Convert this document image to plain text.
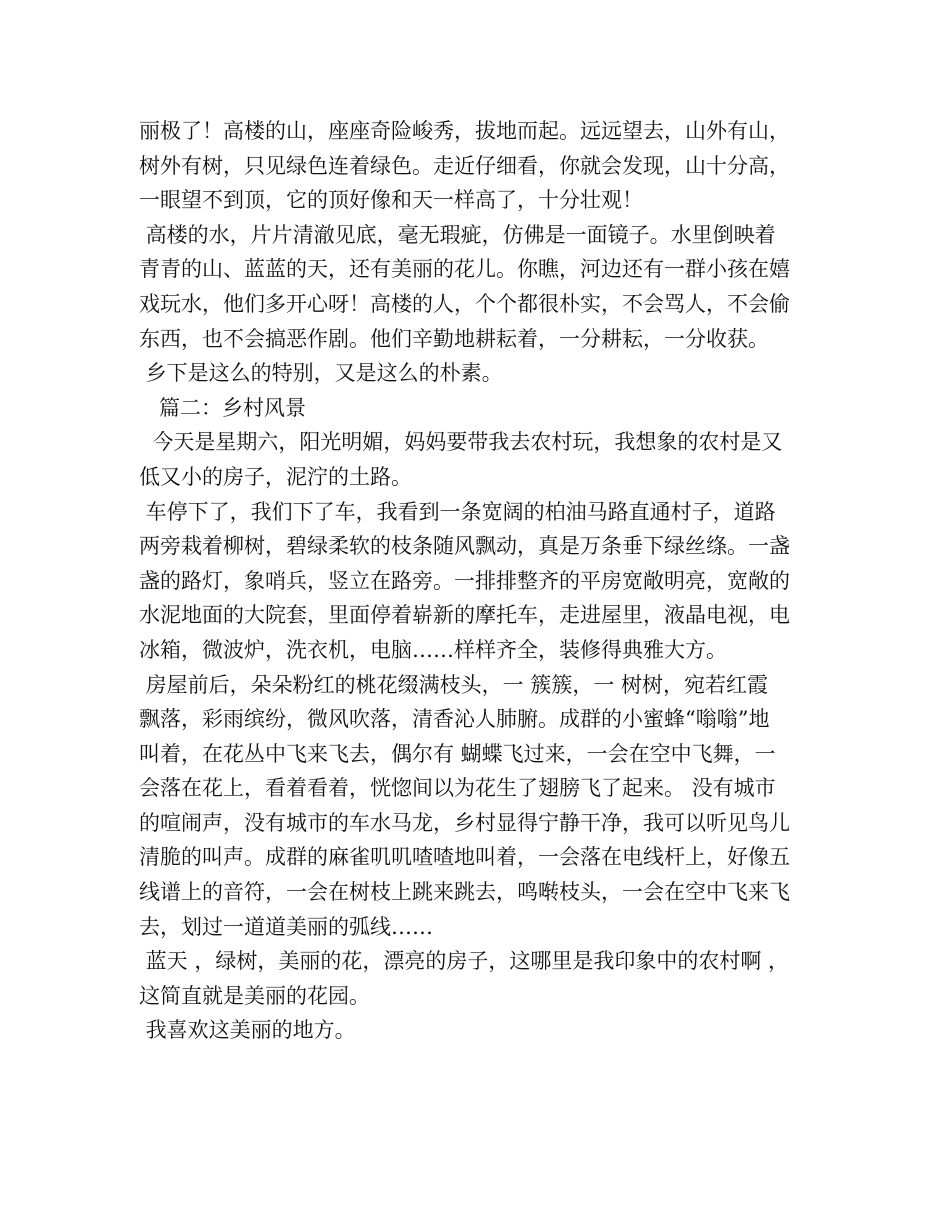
丽极了！高楼的山，座座奇险峻秀，拔地而起。远远望去，山外有山，
树外有树，只见绿色连着绿色。走近仔细看，你就会发现，山十分高，
一眼望不到顶，它的顶好像和天一样高了，十分壮观！
高楼的水，片片清澈见底，毫无瑕疵，仿佛是一面镜子。水里倒映着
青青的山、蓝蓝的天，还有美丽的花儿。你瞧，河边还有一群小孩在嬉
戏玩水，他们多开心呀！高楼的人，个个都很朴实，不会骂人，不会偷
东西，也不会搞恶作剧。他们辛勤地耕耘着，一分耕耘，一分收获。
乡下是这么的特别，又是这么的朴素。
篇二：乡村风景
今天是星期六，阳光明媚，妈妈要带我去农村玩，我想象的农村是又
低又小的房子，泥泞的土路。
车停下了，我们下了车，我看到一条宽阔的柏油马路直通村子，道路
两旁栽着柳树，碧绿柔软的枝条随风飘动，真是万条垂下绿丝绦。一盏
盏的路灯，象哨兵，竖立在路旁。一排排整齐的平房宽敞明亮，宽敞的
水泥地面的大院套，里面停着崭新的摩托车，走进屋里，液晶电视，电
冰箱，微波炉，洗衣机，电脑……样样齐全，装修得典雅大方。
房屋前后，朵朵粉红的桃花缀满枝头，一 簇簇，一 树树，宛若红霞
飘落，彩雨缤纷，微风吹落，清香沁人肺腑。成群的小蜜蜂“嗡嗡”地
叫着，在花丛中飞来飞去，偶尔有 蝴蝶飞过来，一会在空中飞舞，一
会落在花上，看着看着，恍惚间以为花生了翅膀飞了起来。 没有城市
的喧闹声，没有城市的车水马龙，乡村显得宁静干净，我可以听见鸟儿
清脆的叫声。成群的麻雀叽叽喳喳地叫着，一会落在电线杆上，好像五
线谱上的音符，一会在树枝上跳来跳去，鸣啭枝头，一会在空中飞来飞
去，划过一道道美丽的弧线……
蓝天 ，绿树，美丽的花，漂亮的房子，这哪里是我印象中的农村啊 ，
这简直就是美丽的花园。
我喜欢这美丽的地方。
